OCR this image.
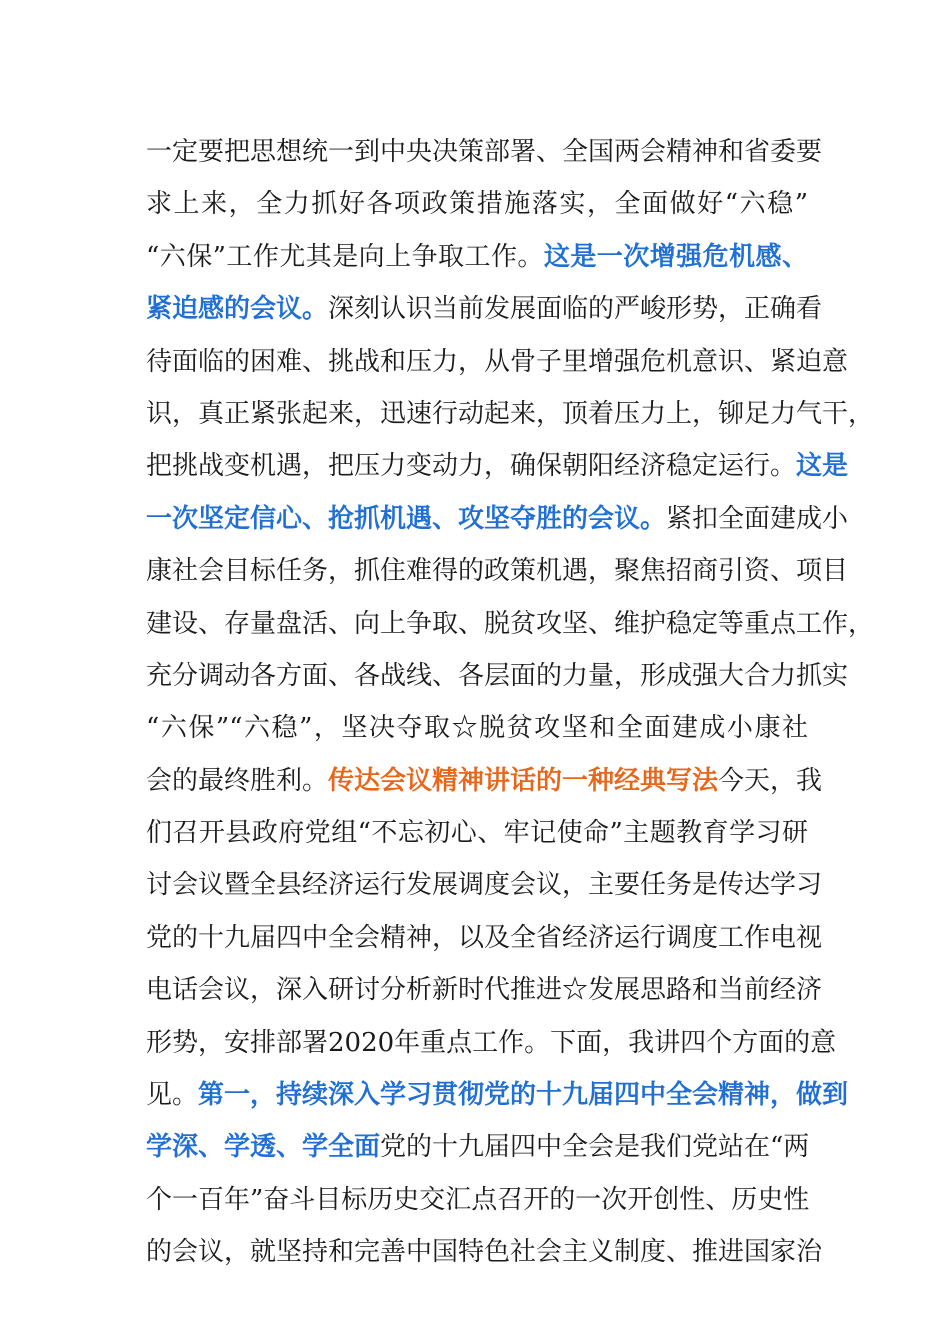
一定要把思想统一到中央决策部署、全国两会精神和省委要
求上来，全力抓好各项政策措施落实，全面做好“六稳”
“六保”工作尤其是向上争取工作。这是一次增强危机感、
紧迫感的会议。深刻认识当前发展面临的严峻形势，正确看
待面临的困难、挑战和压力，从骨子里增强危机意识、紧迫意
识，真正紧张起来，迅速行动起来，顶着压力上，铆足力气干，
把挑战变机遇，把压力变动力，确保朝阳经济稳定运行。这是
一次坚定信心、抢抓机遇、攻坚夺胜的会议。紧扣全面建成小
康社会目标任务，抓住难得的政策机遇，聚焦招商引资、项目
建设、存量盘活、向上争取、脱贫攻坚、维护稳定等重点工作，
充分调动各方面、各战线、各层面的力量，形成强大合力抓实
“六保”“六稳”，坚决夺取☆脱贫攻坚和全面建成小康社
会的最终胜利。传达会议精神讲话的一种经典写法今天，我
们召开县政府党组“不忘初心、牢记使命”主题教育学习研
讨会议暨全县经济运行发展调度会议，主要任务是传达学习
党的十九届四中全会精神，以及全省经济运行调度工作电视
电话会议，深入研讨分析新时代推进☆发展思路和当前经济
形势，安排部署2020年重点工作。下面，我讲四个方面的意
见。第一，持续深入学习贯彻党的十九届四中全会精神，做到
学深、学透、学全面党的十九届四中全会是我们党站在“两
个一百年”奋斗目标历史交汇点召开的一次开创性、历史性
的会议，就坚持和完善中国特色社会主义制度、推进国家治
